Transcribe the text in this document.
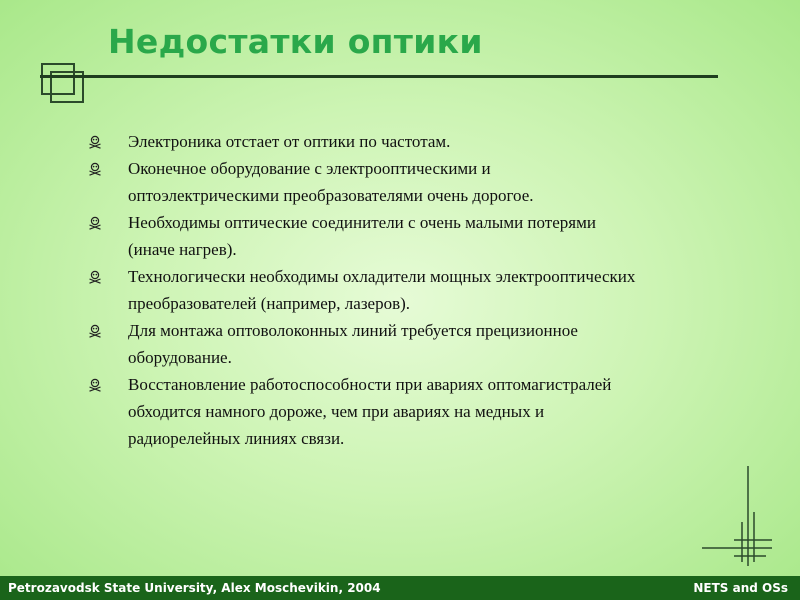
Недостатки оптики
Электроника отстает от оптики по частотам.
Оконечное оборудование с электрооптическими и
оптоэлектрическими преобразователями очень дорогое.
Необходимы оптические соединители с очень малыми потерями
(иначе нагрев).
Технологически необходимы охладители мощных электрооптических
преобразователей (например, лазеров).
Для монтажа оптоволоконных линий требуется прецизионное
оборудование.
Восстановление работоспособности при авариях оптомагистралей
обходится намного дороже, чем при авариях на медных и
радиорелейных линиях связи.
Petrozavodsk State University, Alex Moschevikin, 2004	NETS and OSs
